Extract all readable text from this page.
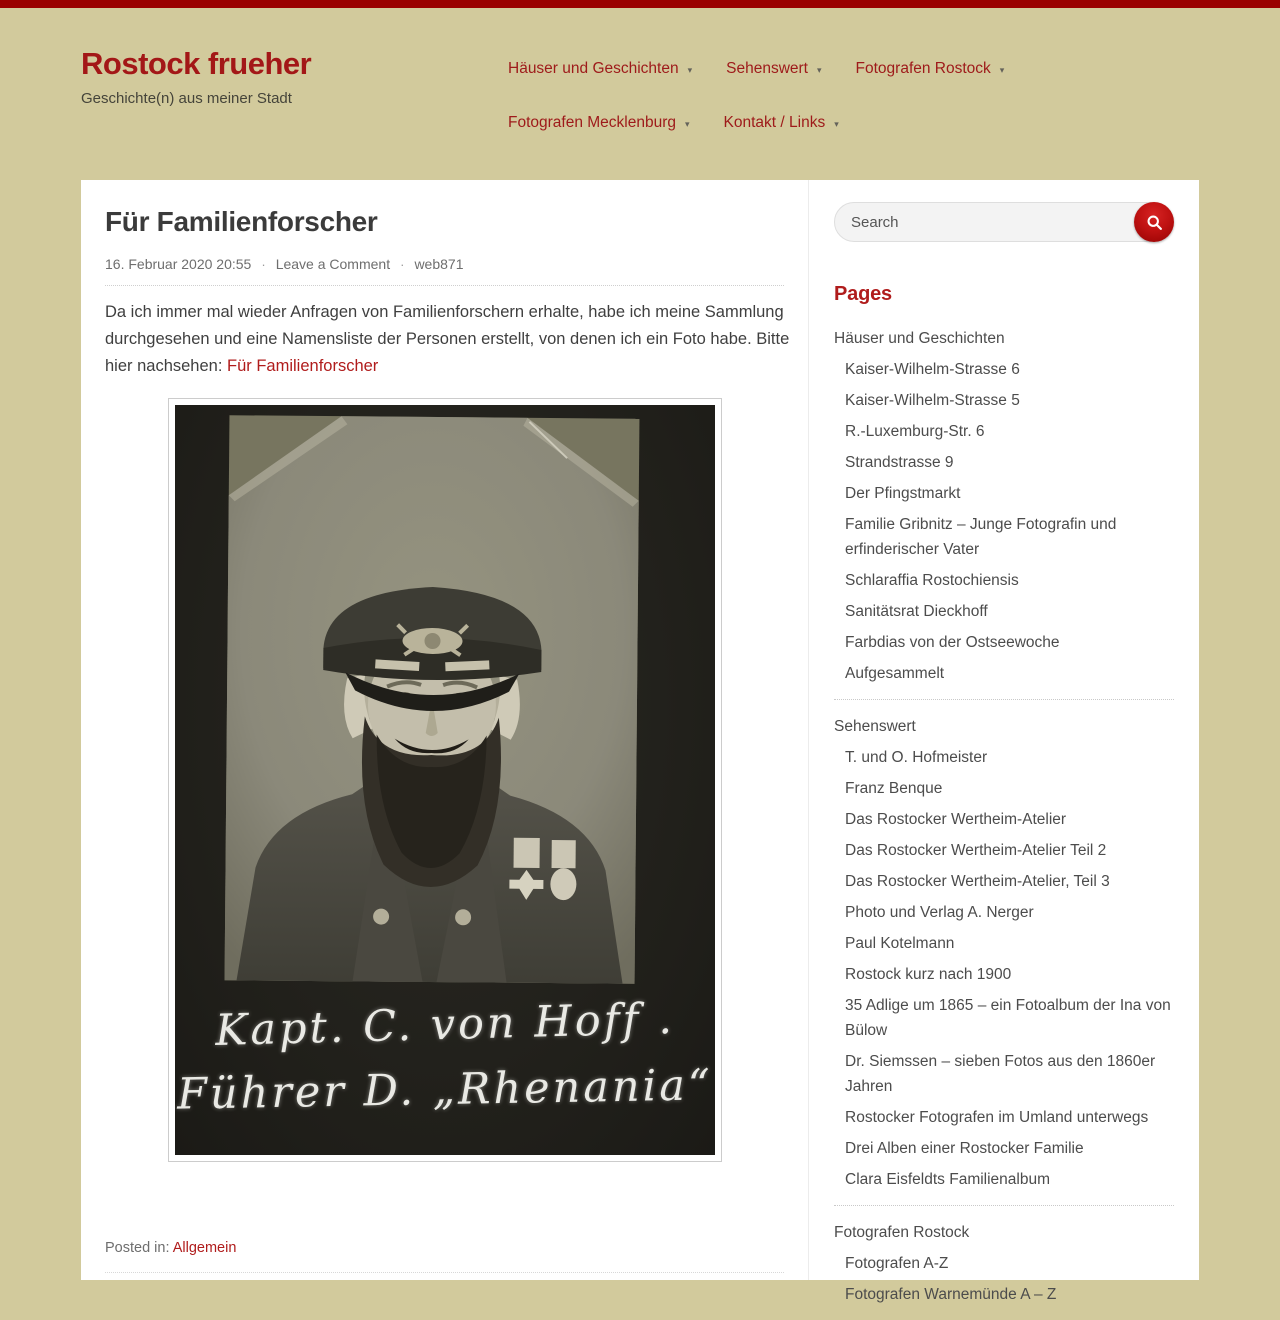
Rostock frueher
Geschichte(n) aus meiner Stadt
Häuser und Geschichten ▾ Sehenswert ▾ Fotografen Rostock ▾
Fotografen Mecklenburg ▾ Kontakt / Links ▾
Für Familienforscher
16. Februar 2020 20:55 · Leave a Comment · web871

Da ich immer mal wieder Anfragen von Familienforschern erhalte, habe ich meine Sammlung durchgesehen und eine Namensliste der Personen erstellt, von denen ich ein Foto habe. Bitte hier nachsehen: Für Familienforscher

Kapt. C. von Hoff .
Führer D. „Rhenania“
Posted in: Allgemein
Search
Pages
Häuser und Geschichten
Kaiser-Wilhelm-Strasse 6
Kaiser-Wilhelm-Strasse 5
R.-Luxemburg-Str. 6
Strandstrasse 9
Der Pfingstmarkt
Familie Gribnitz – Junge Fotografin und erfinderischer Vater
Schlaraffia Rostochiensis
Sanitätsrat Dieckhoff
Farbdias von der Ostseewoche
Aufgesammelt
Sehenswert
T. und O. Hofmeister
Franz Benque
Das Rostocker Wertheim-Atelier
Das Rostocker Wertheim-Atelier Teil 2
Das Rostocker Wertheim-Atelier, Teil 3
Photo und Verlag A. Nerger
Paul Kotelmann
Rostock kurz nach 1900
35 Adlige um 1865 – ein Fotoalbum der Ina von Bülow
Dr. Siemssen – sieben Fotos aus den 1860er Jahren
Rostocker Fotografen im Umland unterwegs
Drei Alben einer Rostocker Familie
Clara Eisfeldts Familienalbum
Fotografen Rostock
Fotografen A-Z
Fotografen Warnemünde A – Z
